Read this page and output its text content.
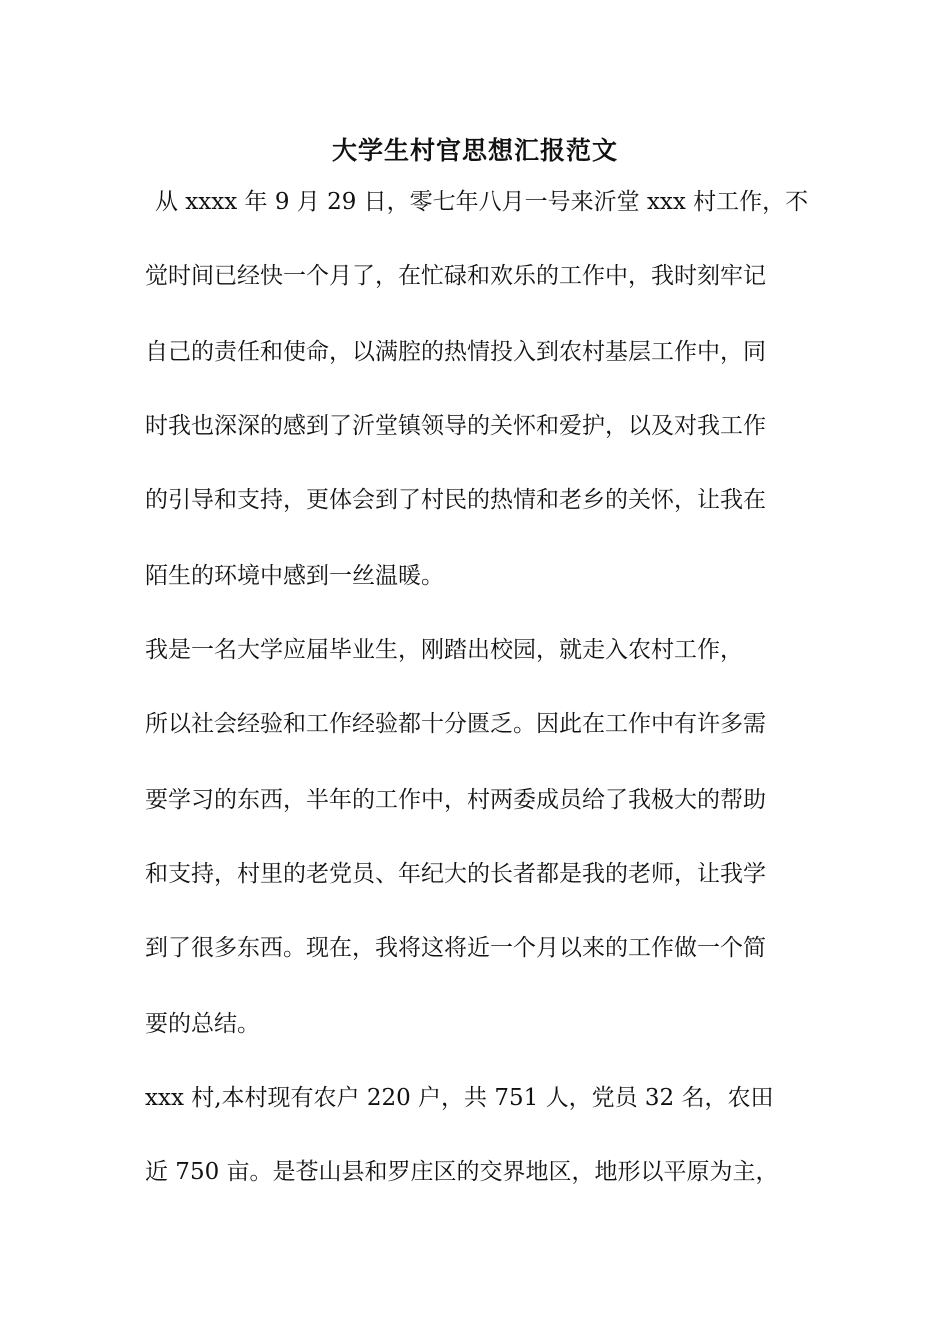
大学生村官思想汇报范文
从 xxxx 年 9 月 29 日，零七年八月一号来沂堂 xxx 村工作，不
觉时间已经快一个月了，在忙碌和欢乐的工作中，我时刻牢记
自己的责任和使命，以满腔的热情投入到农村基层工作中，同
时我也深深的感到了沂堂镇领导的关怀和爱护，以及对我工作
的引导和支持，更体会到了村民的热情和老乡的关怀，让我在
陌生的环境中感到一丝温暖。
我是一名大学应届毕业生，刚踏出校园，就走入农村工作，
所以社会经验和工作经验都十分匮乏。因此在工作中有许多需
要学习的东西，半年的工作中，村两委成员给了我极大的帮助
和支持，村里的老党员、年纪大的长者都是我的老师，让我学
到了很多东西。现在，我将这将近一个月以来的工作做一个简
要的总结。
xxx 村,本村现有农户 220 户，共 751 人，党员 32 名，农田
近 750 亩。是苍山县和罗庄区的交界地区，地形以平原为主，
